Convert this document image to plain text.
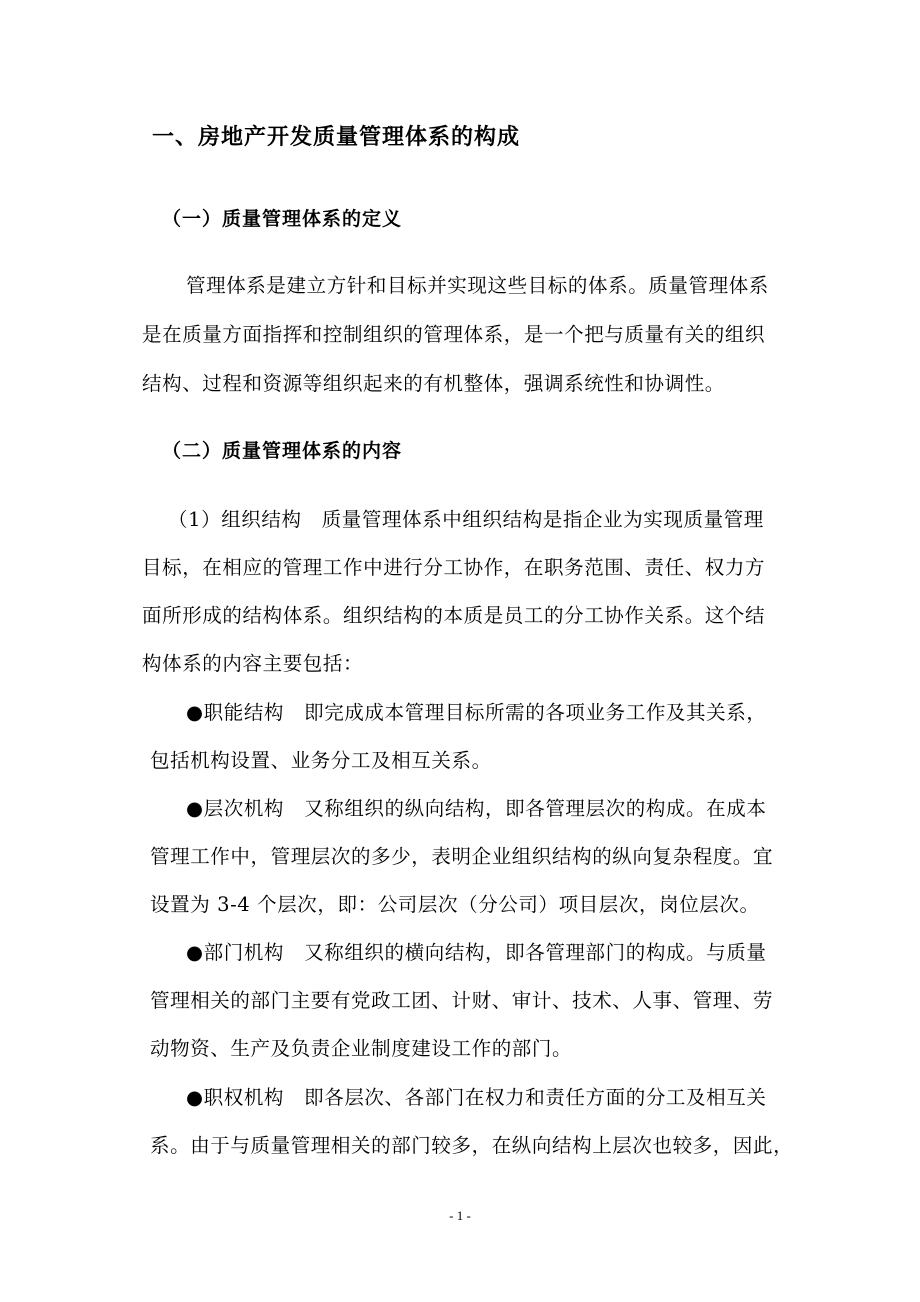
一、房地产开发质量管理体系的构成
（一）质量管理体系的定义
管理体系是建立方针和目标并实现这些目标的体系。质量管理体系
是在质量方面指挥和控制组织的管理体系，是一个把与质量有关的组织
结构、过程和资源等组织起来的有机整体，强调系统性和协调性。
（二）质量管理体系的内容
（1）组织结构　质量管理体系中组织结构是指企业为实现质量管理
目标，在相应的管理工作中进行分工协作，在职务范围、责任、权力方
面所形成的结构体系。组织结构的本质是员工的分工协作关系。这个结
构体系的内容主要包括：
●职能结构　即完成成本管理目标所需的各项业务工作及其关系，
包括机构设置、业务分工及相互关系。
●层次机构　又称组织的纵向结构，即各管理层次的构成。在成本
管理工作中，管理层次的多少，表明企业组织结构的纵向复杂程度。宜
设置为 3-4 个层次，即：公司层次（分公司）项目层次，岗位层次。
●部门机构　又称组织的横向结构，即各管理部门的构成。与质量
管理相关的部门主要有党政工团、计财、审计、技术、人事、管理、劳
动物资、生产及负责企业制度建设工作的部门。
●职权机构　即各层次、各部门在权力和责任方面的分工及相互关
系。由于与质量管理相关的部门较多，在纵向结构上层次也较多，因此，
- 1 -
